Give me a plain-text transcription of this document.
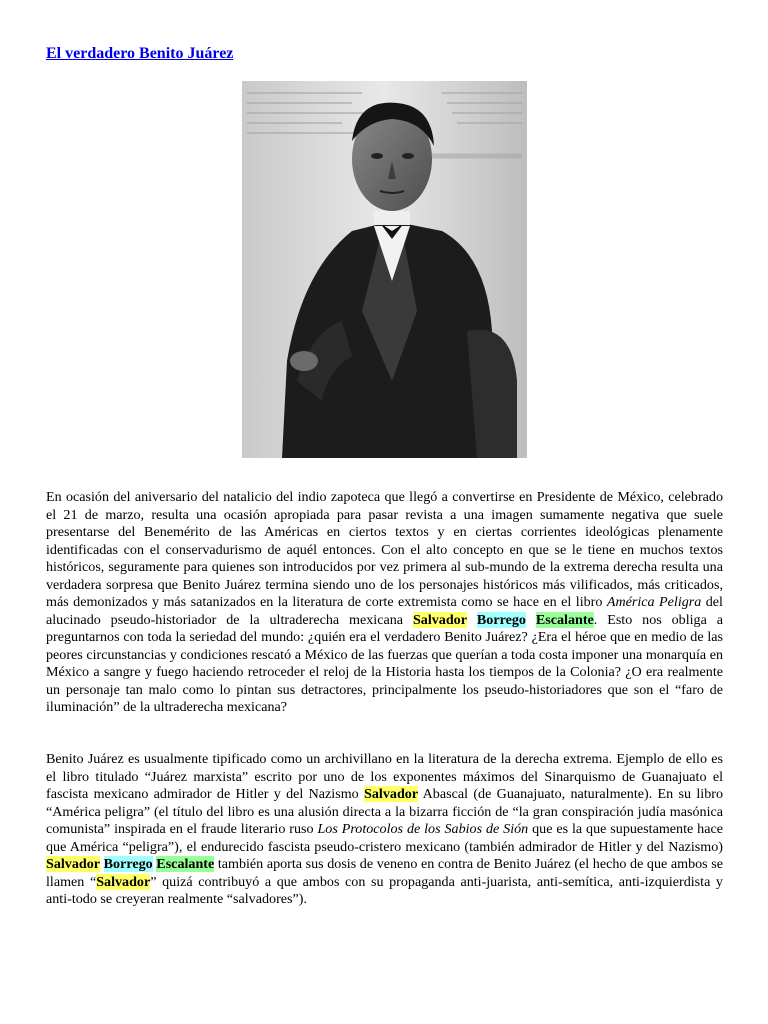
El verdadero Benito Juárez
En ocasión del aniversario del natalicio del indio zapoteca que llegó a convertirse en Presidente de México, celebrado el 21 de marzo, resulta una ocasión apropiada para pasar revista a una imagen sumamente negativa que suele presentarse del Benemérito de las Américas en ciertos textos y en ciertas corrientes ideológicas plenamente identificadas con el conservadurismo de aquél entonces. Con el alto concepto en que se le tiene en muchos textos históricos, seguramente para quienes son introducidos por vez primera al sub-mundo de la extrema derecha resulta una verdadera sorpresa que Benito Juárez termina siendo uno de los personajes históricos más vilificados, más criticados, más demonizados y más satanizados en la literatura de corte extremista como se hace en el libro América Peligra del alucinado pseudo-historiador de la ultraderecha mexicana Salvador Borrego Escalante. Esto nos obliga a preguntarnos con toda la seriedad del mundo: ¿quién era el verdadero Benito Juárez? ¿Era el héroe que en medio de las peores circunstancias y condiciones rescató a México de las fuerzas que querían a toda costa imponer una monarquía en México a sangre y fuego haciendo retroceder el reloj de la Historia hasta los tiempos de la Colonia? ¿O era realmente un personaje tan malo como lo pintan sus detractores, principalmente los pseudo-historiadores que son el “faro de iluminación” de la ultraderecha mexicana?
Benito Juárez es usualmente tipificado como un archivillano en la literatura de la derecha extrema. Ejemplo de ello es el libro titulado “Juárez marxista” escrito por uno de los exponentes máximos del Sinarquismo de Guanajuato el fascista mexicano admirador de Hitler y del Nazismo Salvador Abascal (de Guanajuato, naturalmente). En su libro “América peligra” (el título del libro es una alusión directa a la bizarra ficción de “la gran conspiración judía masónica comunista” inspirada en el fraude literario ruso Los Protocolos de los Sabios de Sión que es la que supuestamente hace que América “peligra”), el endurecido fascista pseudo-cristero mexicano (también admirador de Hitler y del Nazismo) Salvador Borrego Escalante también aporta sus dosis de veneno en contra de Benito Juárez (el hecho de que ambos se llamen “Salvador” quizá contribuyó a que ambos con su propaganda anti-juarista, anti-semítica, anti-izquierdista y anti-todo se creyeran realmente “salvadores”).
